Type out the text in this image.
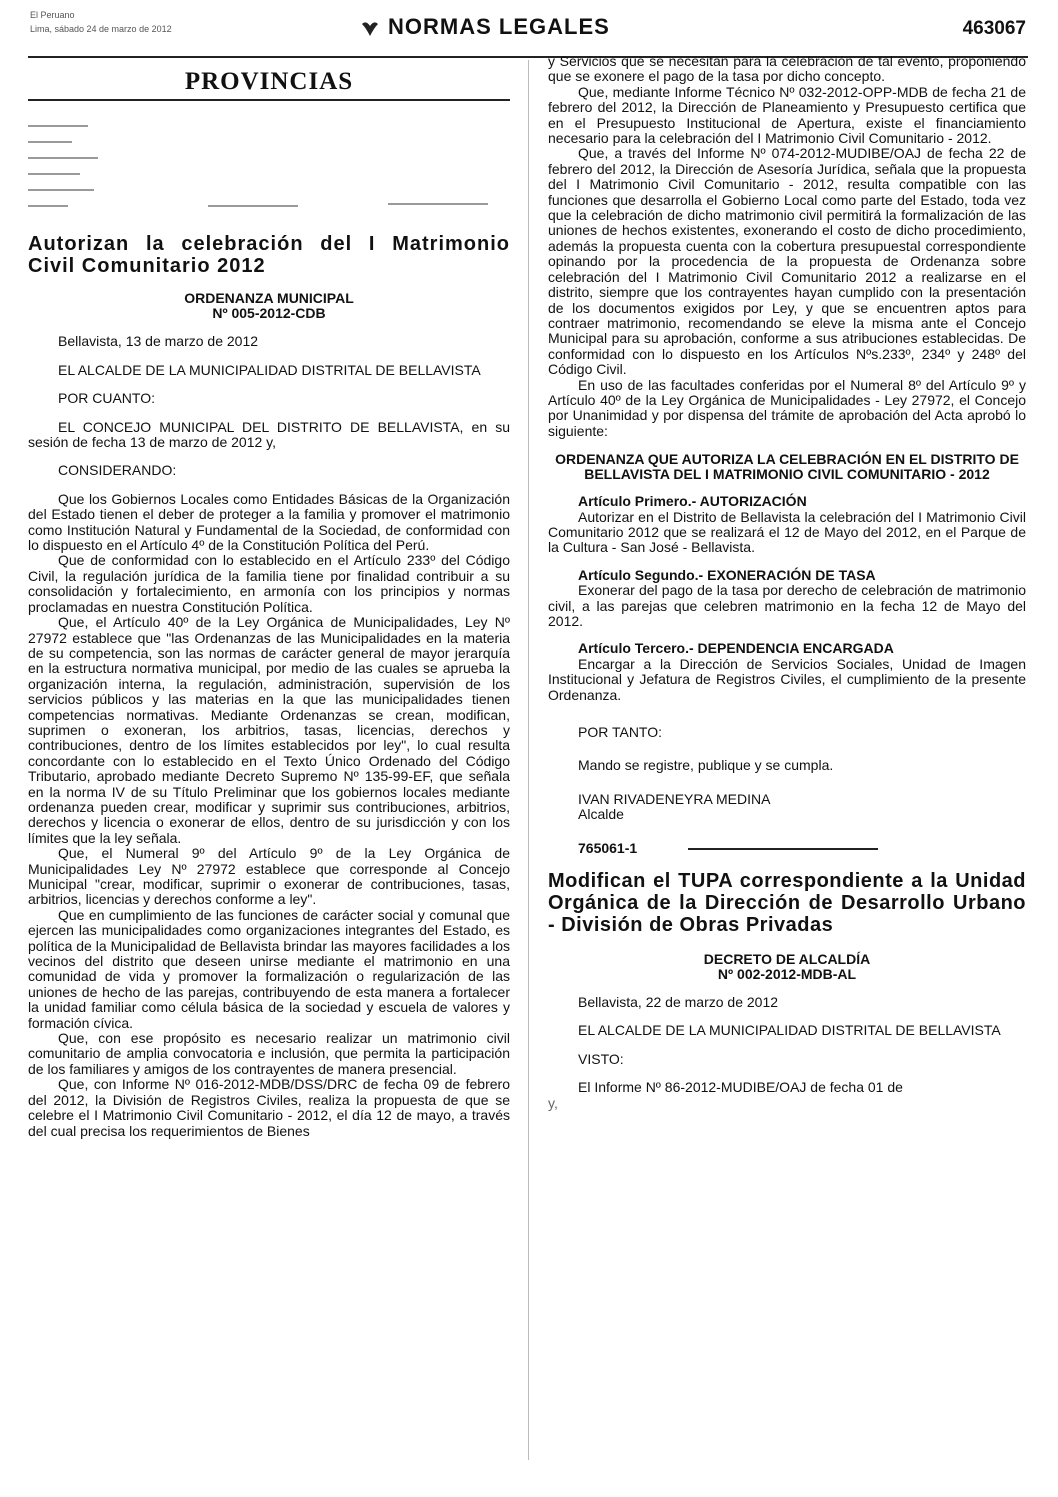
El Peruano
Lima, sábado 24 de marzo de 2012	NORMAS LEGALES	463067
PROVINCIAS
Autorizan la celebración del I Matrimonio Civil Comunitario 2012
ORDENANZA MUNICIPAL
Nº 005-2012-CDB

Bellavista, 13 de marzo de 2012

EL ALCALDE DE LA MUNICIPALIDAD DISTRITAL DE BELLAVISTA

POR CUANTO:

EL CONCEJO MUNICIPAL DEL DISTRITO DE BELLAVISTA, en su sesión de fecha 13 de marzo de 2012 y,

CONSIDERANDO:

Que los Gobiernos Locales como Entidades Básicas de la Organización del Estado tienen el deber de proteger a la familia y promover el matrimonio como Institución Natural y Fundamental de la Sociedad, de conformidad con lo dispuesto en el Artículo 4º de la Constitución Política del Perú.

Que de conformidad con lo establecido en el Artículo 233º del Código Civil, la regulación jurídica de la familia tiene por finalidad contribuir a su consolidación y fortalecimiento, en armonía con los principios y normas proclamadas en nuestra Constitución Política.

Que, el Artículo 40º de la Ley Orgánica de Municipalidades, Ley Nº 27972 establece que "las Ordenanzas de las Municipalidades en la materia de su competencia, son las normas de carácter general de mayor jerarquía en la estructura normativa municipal, por medio de las cuales se aprueba la organización interna, la regulación, administración, supervisión de los servicios públicos y las materias en la que las municipalidades tienen competencias normativas. Mediante Ordenanzas se crean, modifican, suprimen o exoneran, los arbitrios, tasas, licencias, derechos y contribuciones, dentro de los límites establecidos por ley", lo cual resulta concordante con lo establecido en el Texto Único Ordenado del Código Tributario, aprobado mediante Decreto Supremo Nº 135-99-EF, que señala en la norma IV de su Título Preliminar que los gobiernos locales mediante ordenanza pueden crear, modificar y suprimir sus contribuciones, arbitrios, derechos y licencia o exonerar de ellos, dentro de su jurisdicción y con los límites que la ley señala.

Que, el Numeral 9º del Artículo 9º de la Ley Orgánica de Municipalidades Ley Nº 27972 establece que corresponde al Concejo Municipal "crear, modificar, suprimir o exonerar de contribuciones, tasas, arbitrios, licencias y derechos conforme a ley".

Que en cumplimiento de las funciones de carácter social y comunal que ejercen las municipalidades como organizaciones integrantes del Estado, es política de la Municipalidad de Bellavista brindar las mayores facilidades a los vecinos del distrito que deseen unirse mediante el matrimonio en una comunidad de vida y promover la formalización o regularización de las uniones de hecho de las parejas, contribuyendo de esta manera a fortalecer la unidad familiar como célula básica de la sociedad y escuela de valores y formación cívica.

Que, con ese propósito es necesario realizar un matrimonio civil comunitario de amplia convocatoria e inclusión, que permita la participación de los familiares y amigos de los contrayentes de manera presencial.

Que, con Informe Nº 016-2012-MDB/DSS/DRC de fecha 09 de febrero del 2012, la División de Registros Civiles, realiza la propuesta de que se celebre el I Matrimonio Civil Comunitario - 2012, el día 12 de mayo, a través del cual precisa los requerimientos de Bienes

y Servicios que se necesitan para la celebración de tal evento, proponiendo que se exonere el pago de la tasa por dicho concepto.

Que, mediante Informe Técnico Nº 032-2012-OPP-MDB de fecha 21 de febrero del 2012, la Dirección de Planeamiento y Presupuesto certifica que en el Presupuesto Institucional de Apertura, existe el financiamiento necesario para la celebración del I Matrimonio Civil Comunitario - 2012.

Que, a través del Informe Nº 074-2012-MUDIBE/OAJ de fecha 22 de febrero del 2012, la Dirección de Asesoría Jurídica, señala que la propuesta del I Matrimonio Civil Comunitario - 2012, resulta compatible con las funciones que desarrolla el Gobierno Local como parte del Estado, toda vez que la celebración de dicho matrimonio civil permitirá la formalización de las uniones de hechos existentes, exonerando el costo de dicho procedimiento, además la propuesta cuenta con la cobertura presupuestal correspondiente opinando por la procedencia de la propuesta de Ordenanza sobre celebración del I Matrimonio Civil Comunitario 2012 a realizarse en el distrito, siempre que los contrayentes hayan cumplido con la presentación de los documentos exigidos por Ley, y que se encuentren aptos para contraer matrimonio, recomendando se eleve la misma ante el Concejo Municipal para su aprobación, conforme a sus atribuciones establecidas. De conformidad con lo dispuesto en los Artículos Nºs.233º, 234º y 248º del Código Civil.

En uso de las facultades conferidas por el Numeral 8º del Artículo 9º y Artículo 40º de la Ley Orgánica de Municipalidades - Ley 27972, el Concejo por Unanimidad y por dispensa del trámite de aprobación del Acta aprobó lo siguiente:

ORDENANZA QUE AUTORIZA LA CELEBRACIÓN EN EL DISTRITO DE BELLAVISTA DEL I MATRIMONIO CIVIL COMUNITARIO - 2012

Artículo Primero.- AUTORIZACIÓN

Autorizar en el Distrito de Bellavista la celebración del I Matrimonio Civil Comunitario 2012 que se realizará el 12 de Mayo del 2012, en el Parque de la Cultura - San José - Bellavista.

Artículo Segundo.- EXONERACIÓN DE TASA

Exonerar del pago de la tasa por derecho de celebración de matrimonio civil, a las parejas que celebren matrimonio en la fecha 12 de Mayo del 2012.

Artículo Tercero.- DEPENDENCIA ENCARGADA

Encargar a la Dirección de Servicios Sociales, Unidad de Imagen Institucional y Jefatura de Registros Civiles, el cumplimiento de la presente Ordenanza.

POR TANTO:

Mando se registre, publique y se cumpla.

IVAN RIVADENEYRA MEDINA

Alcalde

765061-1

Modifican el TUPA correspondiente a la Unidad Orgánica de la Dirección de Desarrollo Urbano - División de Obras Privadas
DECRETO DE ALCALDÍA
Nº 002-2012-MDB-AL

Bellavista, 22 de marzo de 2012

EL ALCALDE DE LA MUNICIPALIDAD DISTRITAL DE BELLAVISTA

VISTO:

El Informe Nº 86-2012-MUDIBE/OAJ de fecha 01 de

y,
